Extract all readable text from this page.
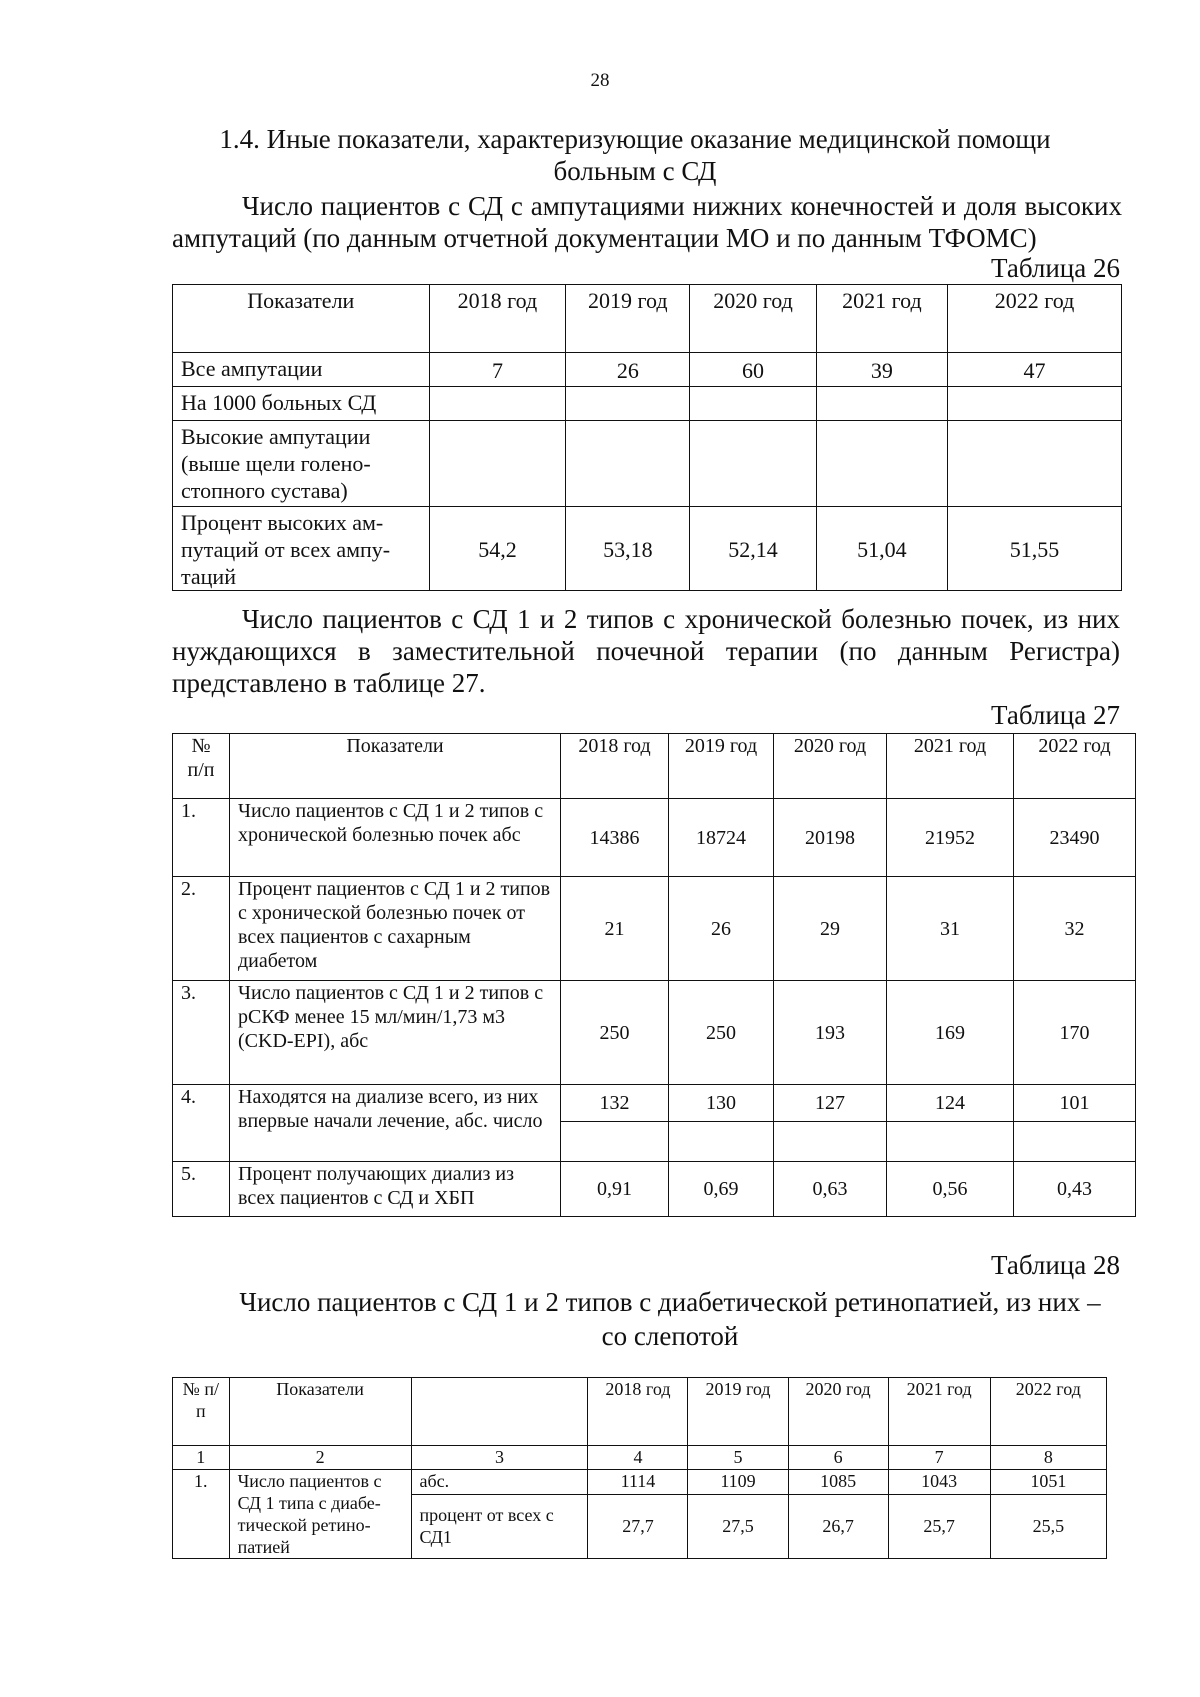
28
1.4. Иные показатели, характеризующие оказание медицинской помощи больным с СД
Число пациентов с СД с ампутациями нижних конечностей и доля высоких ампутаций (по данным отчетной документации МО и по данным ТФОМС)
Таблица 26
Показатели	2018 год	2019 год	2020 год	2021 год	2022 год
Все ампутации	7	26	60	39	47
На 1000 больных СД					
Высокие ампутации (выше щели голеностопного сустава)					
Процент высоких ампутаций от всех ампутаций	54,2	53,18	52,14	51,04	51,55
Число пациентов с СД 1 и 2 типов с хронической болезнью почек, из них нуждающихся в заместительной почечной терапии (по данным Регистра) представлено в таблице 27.
Таблица 27
№ п/п	Показатели	2018 год	2019 год	2020 год	2021 год	2022 год
1.	Число пациентов с СД 1 и 2 типов с хронической болезнью почек абс	14386	18724	20198	21952	23490
2.	Процент пациентов с СД 1 и 2 типов с хронической болезнью почек от всех пациентов с сахарным диабетом	21	26	29	31	32
3.	Число пациентов с СД 1 и 2 типов с рСКФ менее 15 мл/мин/1,73 м3 (CKD-EPI), абс	250	250	193	169	170
4.	Находятся на диализе всего, из них впервые начали лечение, абс. число	132	130	127	124	101

5.	Процент получающих диализ из всех пациентов с СД и ХБП	0,91	0,69	0,63	0,56	0,43
Таблица 28
Число пациентов с СД 1 и 2 типов с диабетической ретинопатией, из них – со слепотой
№ п/п	Показатели		2018 год	2019 год	2020 год	2021 год	2022 год
1	2	3	4	5	6	7	8
1.	Число пациентов с СД 1 типа с диабетической ретинопатией	абс.	1114	1109	1085	1043	1051
		процент от всех с СД1	27,7	27,5	26,7	25,7	25,5
